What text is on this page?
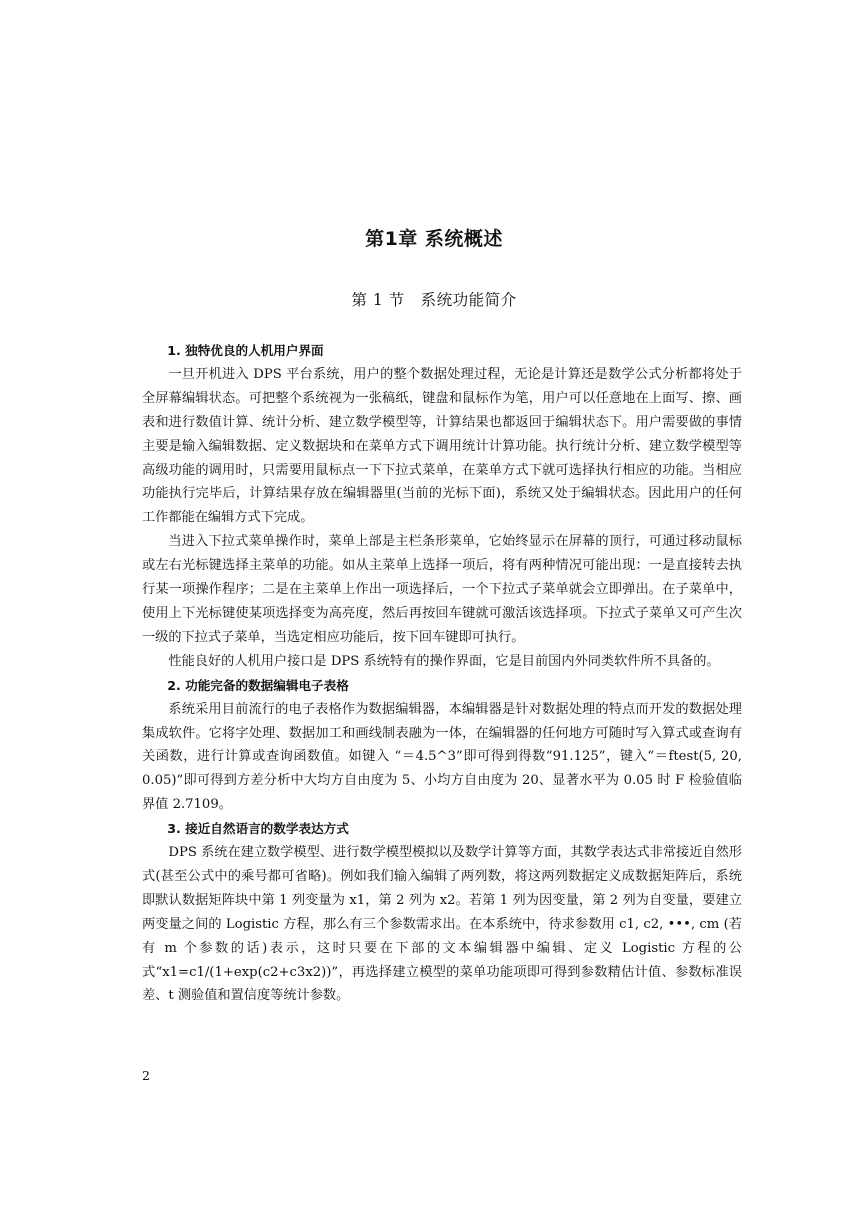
第1章 系统概述
第 1 节　系统功能简介
1. 独特优良的人机用户界面

一旦开机进入 DPS 平台系统，用户的整个数据处理过程，无论是计算还是数学公式分析都将处于全屏幕编辑状态。可把整个系统视为一张稿纸，键盘和鼠标作为笔，用户可以任意地在上面写、擦、画表和进行数值计算、统计分析、建立数学模型等，计算结果也都返回于编辑状态下。用户需要做的事情主要是输入编辑数据、定义数据块和在菜单方式下调用统计计算功能。执行统计分析、建立数学模型等高级功能的调用时，只需要用鼠标点一下下拉式菜单，在菜单方式下就可选择执行相应的功能。当相应功能执行完毕后，计算结果存放在编辑器里(当前的光标下面)，系统又处于编辑状态。因此用户的任何工作都能在编辑方式下完成。

当进入下拉式菜单操作时，菜单上部是主栏条形菜单，它始终显示在屏幕的顶行，可通过移动鼠标或左右光标键选择主菜单的功能。如从主菜单上选择一项后，将有两种情况可能出现：一是直接转去执行某一项操作程序；二是在主菜单上作出一项选择后，一个下拉式子菜单就会立即弹出。在子菜单中，使用上下光标键使某项选择变为高亮度，然后再按回车键就可激活该选择项。下拉式子菜单又可产生次一级的下拉式子菜单，当选定相应功能后，按下回车键即可执行。

性能良好的人机用户接口是 DPS 系统特有的操作界面，它是目前国内外同类软件所不具备的。

2. 功能完备的数据编辑电子表格

系统采用目前流行的电子表格作为数据编辑器，本编辑器是针对数据处理的特点而开发的数据处理集成软件。它将字处理、数据加工和画线制表融为一体，在编辑器的任何地方可随时写入算式或查询有关函数，进行计算或查询函数值。如键入 “＝4.5^3”即可得到得数“91.125”，键入“＝ftest(5, 20, 0.05)”即可得到方差分析中大均方自由度为 5、小均方自由度为 20、显著水平为 0.05 时 F 检验值临界值 2.7109。

3. 接近自然语言的数学表达方式

DPS 系统在建立数学模型、进行数学模型模拟以及数学计算等方面，其数学表达式非常接近自然形式(甚至公式中的乘号都可省略)。例如我们输入编辑了两列数，将这两列数据定义成数据矩阵后，系统即默认数据矩阵块中第 1 列变量为 x1，第 2 列为 x2。若第 1 列为因变量，第 2 列为自变量，要建立两变量之间的 Logistic 方程，那么有三个参数需求出。在本系统中，待求参数用 c1, c2, •••, cm (若有 m 个参数的话)表示，这时只要在下部的文本编辑器中编辑、定义 Logistic 方程的公式“x1=c1/(1+exp(c2+c3x2))”，再选择建立模型的菜单功能项即可得到参数精估计值、参数标准误差、t 测验值和置信度等统计参数。

2
